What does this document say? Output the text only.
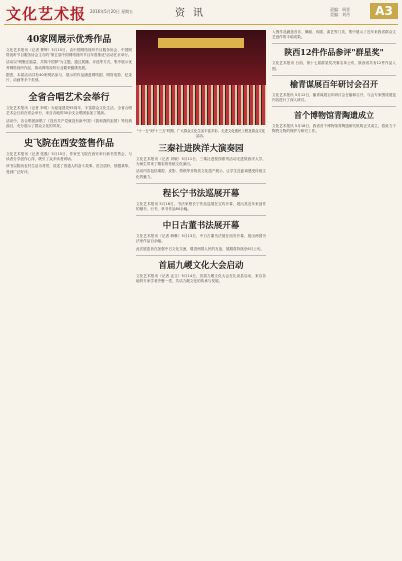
文化艺术报 2016年5月20日 星期五	资讯	责编：周晋
美编：刘丹	A3
40家网展示优秀作品

文化艺术报讯（记者 曹辉）5月15日，由中国网络视听节目服务协会、中国网络视听节目服务协会主办的"第五届中国网络视听节目年度推优"活动在京举行。

活动以"网聚正能量、共筑中国梦"为主题，通过展播、评选等方式，集中展示优秀网络视听作品，推动网络视听行业繁荣健康发展。

据悉，本届活动共有40家网站参与，展示的作品涵盖网络剧、网络电影、纪录片、动画等多个类别。

全省合唱艺术会举行

文化艺术报讯（记者 李明）为迎接建党95周年，丰富群众文化生活，全省合唱艺术会日前在省会举行，来自各地的30余支合唱团参加了展演。

活动中，各合唱团演唱了《没有共产党就没有新中国》《我和我的祖国》等经典曲目，充分展示了群众文化的风采。

史飞院在西安签售作品

文化艺术报讯（记者 张磊）5月15日，作家史飞院在西安举行新书签售会，与读者分享创作心得，吸引了众多读者到场。

该书以陕西农村生活为背景，讲述了普通人的奋斗故事，语言质朴，情感真挚，受到广泛好评。

"十一五"到"十三五"时期，广大群众文化生活丰富多彩，走进文化惠民工程及群众文化活动。
三秦社进陕洋大演奏园

文化艺术报讯（记者 刘敏）5月11日，三秦社进校园系列活动走进陕西洋大学，为师生带来了精彩的传统文化演出。

活动内容包括秦腔、皮影、剪纸等非物质文化遗产展示，让学生近距离感受传统文化的魅力。

程长宁书法巡展开幕

文化艺术报讯 5月16日，书法家程长宁作品巡展在宝鸡开幕，展出其近年来创作的楷书、行书、草书作品80余幅。

中日古董书法展开幕

文化艺术报讯（记者 韩琳）5月13日，中日古董书法展在西安开幕，展出两国书法家作品百余幅。

此次展览旨在加强中日文化交流，增进两国人民的友谊，展期将持续至6月上旬。

首届九嵕文化大会启动

文化艺术报讯（记者 孟文）5月14日，首届九嵕文化大会在礼泉县启动，来自各地的专家学者齐聚一堂，共话九嵕文化的传承与发展。

入围作品涵盖音乐、舞蹈、戏剧、曲艺等门类，集中展示了近年来我省群众文艺创作的丰硕成果。

陕西12件作品参评"群星奖"

文化艺术报讯 日前，第十七届群星奖决赛名单公布，陕西省共有12件作品入围。

榆青谋展百年研讨会召开

文化艺术报讯 5月12日，榆青谋展百年研讨会在榆林召开，与会专家围绕展览内容进行了深入研讨。

首个博物馆青陶遗成立

文化艺术报讯 5月18日，我省首个博物馆青陶遗研究机构正式成立，将致力于陶瓷文物的保护与研究工作。
